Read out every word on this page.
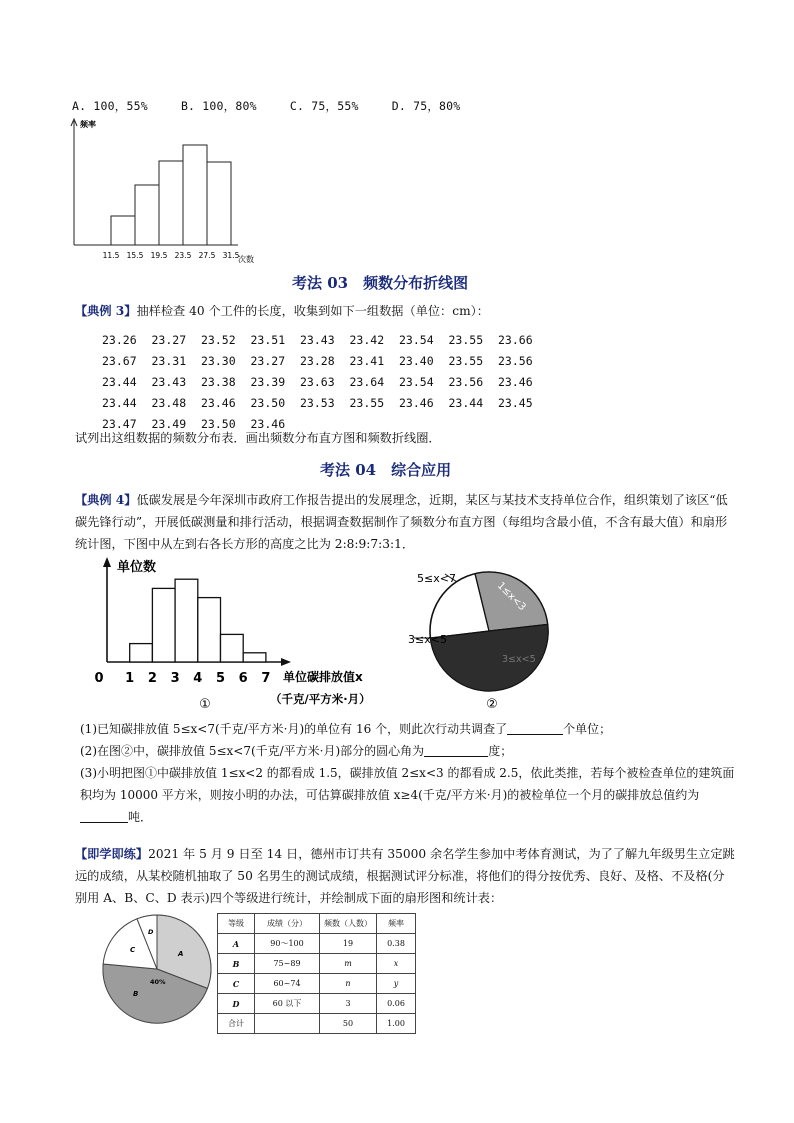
A. 100，55%	B. 100，80%	C. 75，55%	D. 75，80%
频率
11.5 15.5 19.5 23.5 27.5 31.5
次数
考法 03　频数分布折线图
【典例 3】抽样检查 40 个工件的长度，收集到如下一组数据（单位：cm）：
23.26	23.27	23.52	23.51	23.43	23.42	23.54	23.55	23.66
23.67	23.31	23.30	23.27	23.28	23.41	23.40	23.55	23.56
23.44	23.43	23.38	23.39	23.63	23.64	23.54	23.56	23.46
23.44	23.48	23.46	23.50	23.53	23.55	23.46	23.44	23.45
23.47	23.49	23.50	23.46
试列出这组数据的频数分布表．画出频数分布直方图和频数折线圈．
考法 04　综合应用
【典例 4】低碳发展是今年深圳市政府工作报告提出的发展理念，近期，某区与某技术支持单位合作，组织策划了该区“低碳先锋行动”，开展低碳测量和排行活动，根据调查数据制作了频数分布直方图（每组均含最小值，不含有最大值）和扇形统计图，下图中从左到右各长方形的高度之比为 2:8:9:7:3:1．
单位数
0 1 2 3 4 5 6 7 单位碳排放值x
（千克/平方米·月）
①
5≤x<7
1≤x<3
3≤x<5
3≤x<5
②
(1)已知碳排放值 5≤x<7(千克/平方米·月)的单位有 16 个，则此次行动共调查了	个单位；
(2)在图②中，碳排放值 5≤x<7(千克/平方米·月)部分的圆心角为	度；
(3)小明把图①中碳排放值 1≤x<2 的都看成 1.5，碳排放值 2≤x<3 的都看成 2.5，依此类推，若每个被检查单位的建筑面积均为 10000 平方米，则按小明的办法，可估算碳排放值 x≥4(千克/平方米·月)的被检单位一个月的碳排放总值约为吨．
【即学即练】2021 年 5 月 9 日至 14 日，德州市订共有 35000 余名学生参加中考体育测试，为了了解九年级男生立定跳远的成绩，从某校随机抽取了 50 名男生的测试成绩，根据测试评分标准，将他们的得分按优秀、良好、及格、不及格(分别用 A、B、C、D 表示)四个等级进行统计，并绘制成下面的扇形图和统计表：
A
B
C
D
40%
等级	成绩（分）	频数（人数）	频率
A	90～100	19	0.38
B	75~89	m	x
C	60~74	n	y
D	60 以下	3	0.06
合计		50	1.00
